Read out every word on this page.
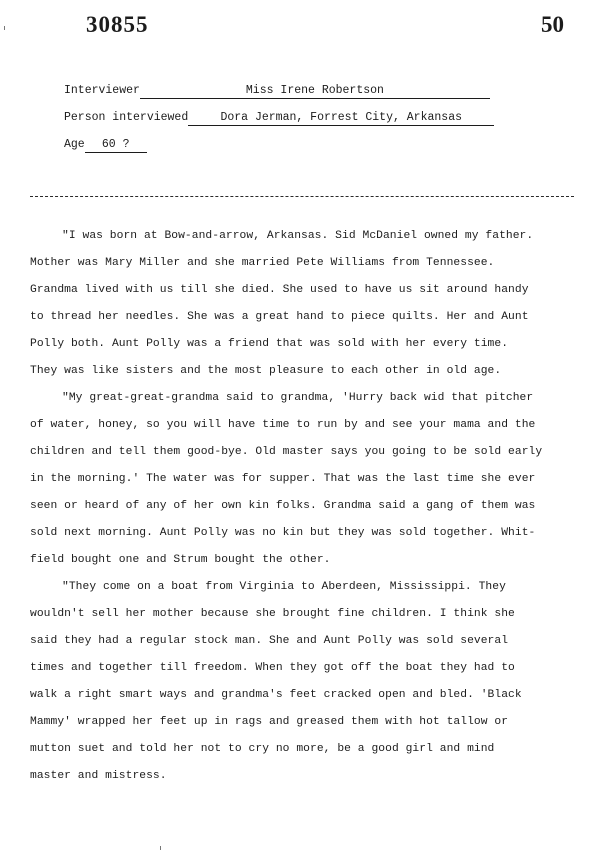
30855	50
Interviewer	Miss Irene Robertson
Person interviewed	Dora Jerman, Forrest City, Arkansas
Age 60 ?
"I was born at Bow-and-arrow, Arkansas. Sid McDaniel owned my father.
Mother was Mary Miller and she married Pete Williams from Tennessee.
Grandma lived with us till she died. She used to have us sit around handy
to thread her needles. She was a great hand to piece quilts. Her and Aunt
Polly both. Aunt Polly was a friend that was sold with her every time.
They was like sisters and the most pleasure to each other in old age.
"My great-great-grandma said to grandma, 'Hurry back wid that pitcher
of water, honey, so you will have time to run by and see your mama and the
children and tell them good-bye. Old master says you going to be sold early
in the morning.' The water was for supper. That was the last time she ever
seen or heard of any of her own kin folks. Grandma said a gang of them was
sold next morning. Aunt Polly was no kin but they was sold together. Whit-
field bought one and Strum bought the other.
"They come on a boat from Virginia to Aberdeen, Mississippi. They
wouldn't sell her mother because she brought fine children. I think she
said they had a regular stock man. She and Aunt Polly was sold several
times and together till freedom. When they got off the boat they had to
walk a right smart ways and grandma's feet cracked open and bled. 'Black
Mammy' wrapped her feet up in rags and greased them with hot tallow or
mutton suet and told her not to cry no more, be a good girl and mind
master and mistress.
